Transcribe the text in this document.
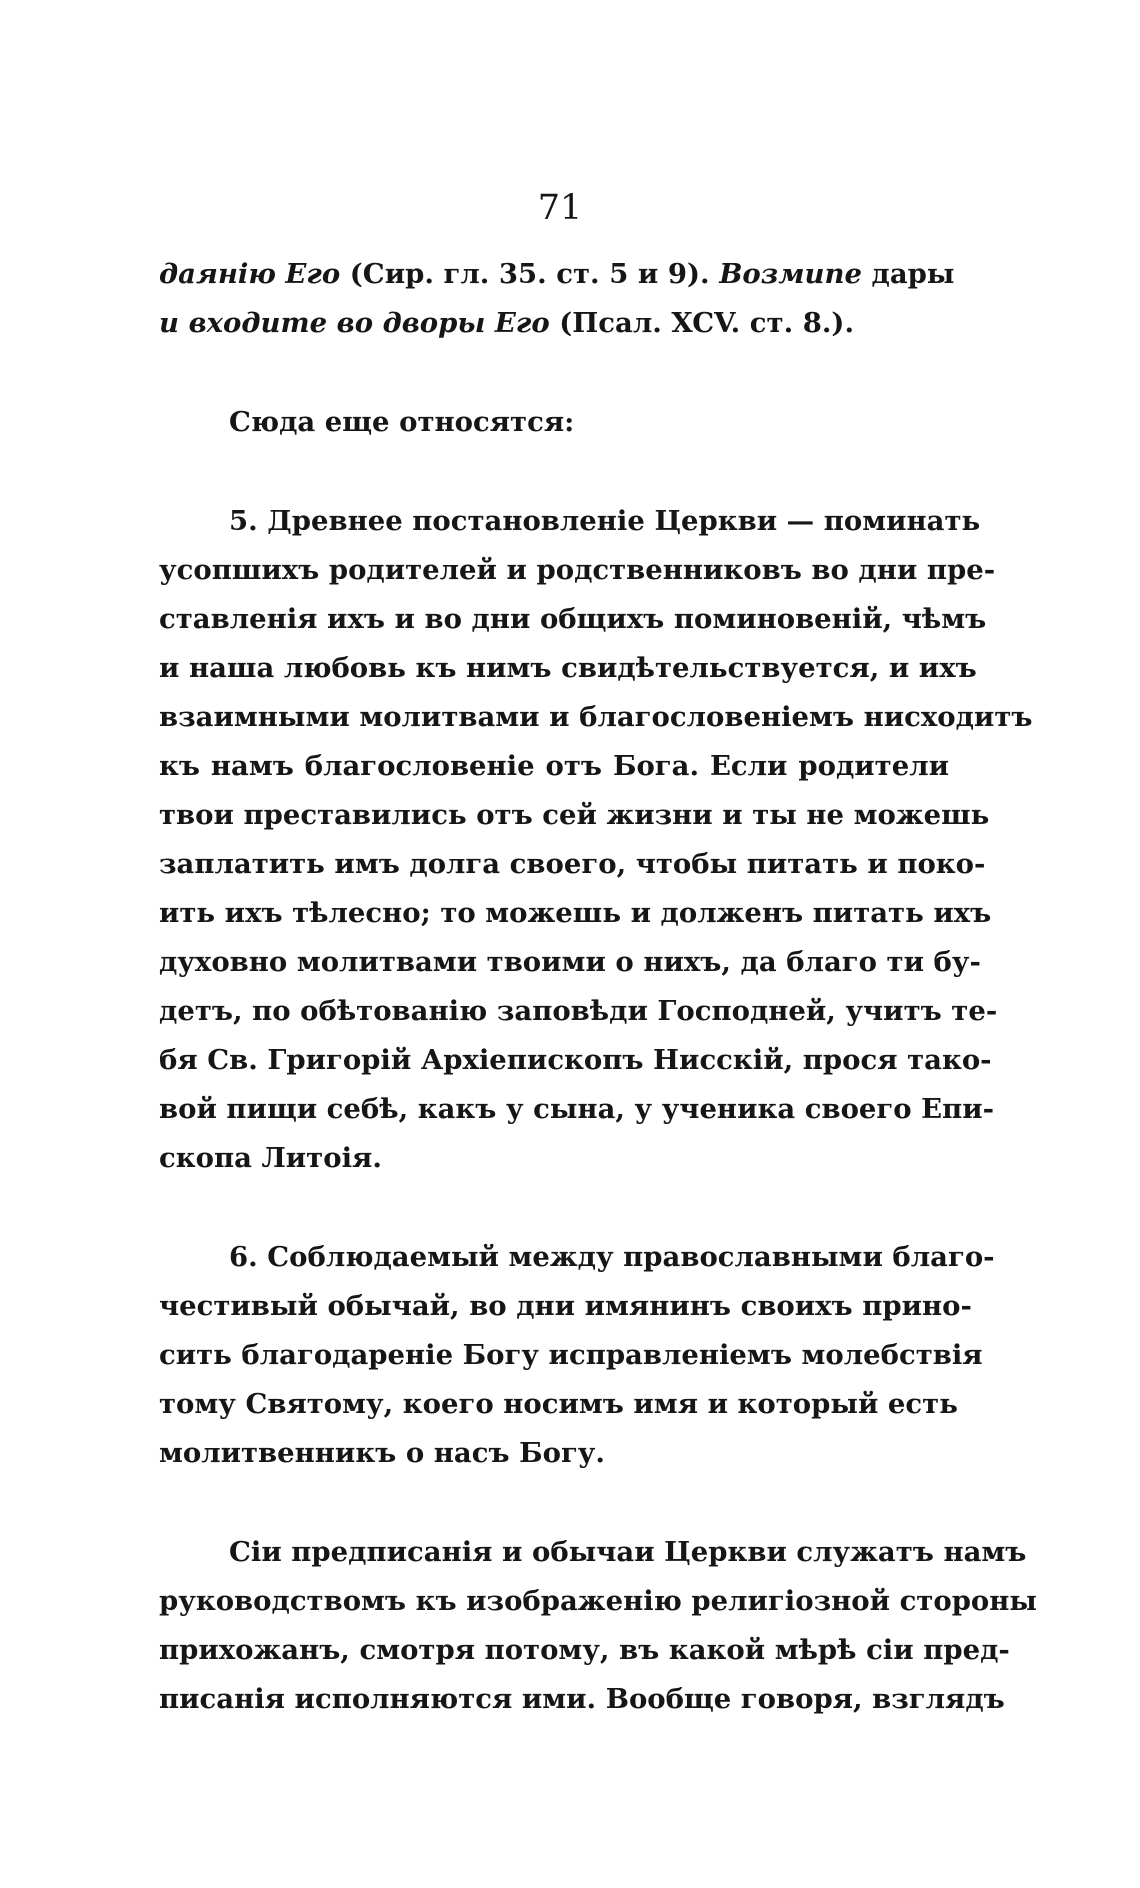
71
даянію Его (Сир. гл. 35. ст. 5 и 9). Возмипе дары
и входите во дворы Его (Псал. XCV. ст. 8.).
Сюда еще относятся:
5. Древнее постановленіе Церкви — поминать
усопшихъ родителей и родственниковъ во дни пре-
ставленія ихъ и во дни общихъ поминовеній, чѣмъ
и наша любовь къ нимъ свидѣтельствуется, и ихъ
взаимными молитвами и благословеніемъ нисходитъ
къ намъ благословеніе отъ Бога. Если родители
твои преставились отъ сей жизни и ты не можешь
заплатить имъ долга своего, чтобы питать и поко-
ить ихъ тѣлесно; то можешь и долженъ питать ихъ
духовно молитвами твоими о нихъ, да благо ти бу-
детъ, по обѣтованію заповѣди Господней, учитъ те-
бя Св. Григорій Архіепископъ Нисскій, прося тако-
вой пищи себѣ, какъ у сына, у ученика своего Епи-
скопа Литоія.
6. Соблюдаемый между православными благо-
честивый обычай, во дни имянинъ своихъ прино-
сить благодареніе Богу исправленіемъ молебствія
тому Святому, коего носимъ имя и который есть
молитвенникъ о насъ Богу.
Сіи предписанія и обычаи Церкви служатъ намъ
руководствомъ къ изображенію религіозной стороны
прихожанъ, смотря потому, въ какой мѣрѣ сіи пред-
писанія исполняются ими. Вообще говоря, взглядъ
